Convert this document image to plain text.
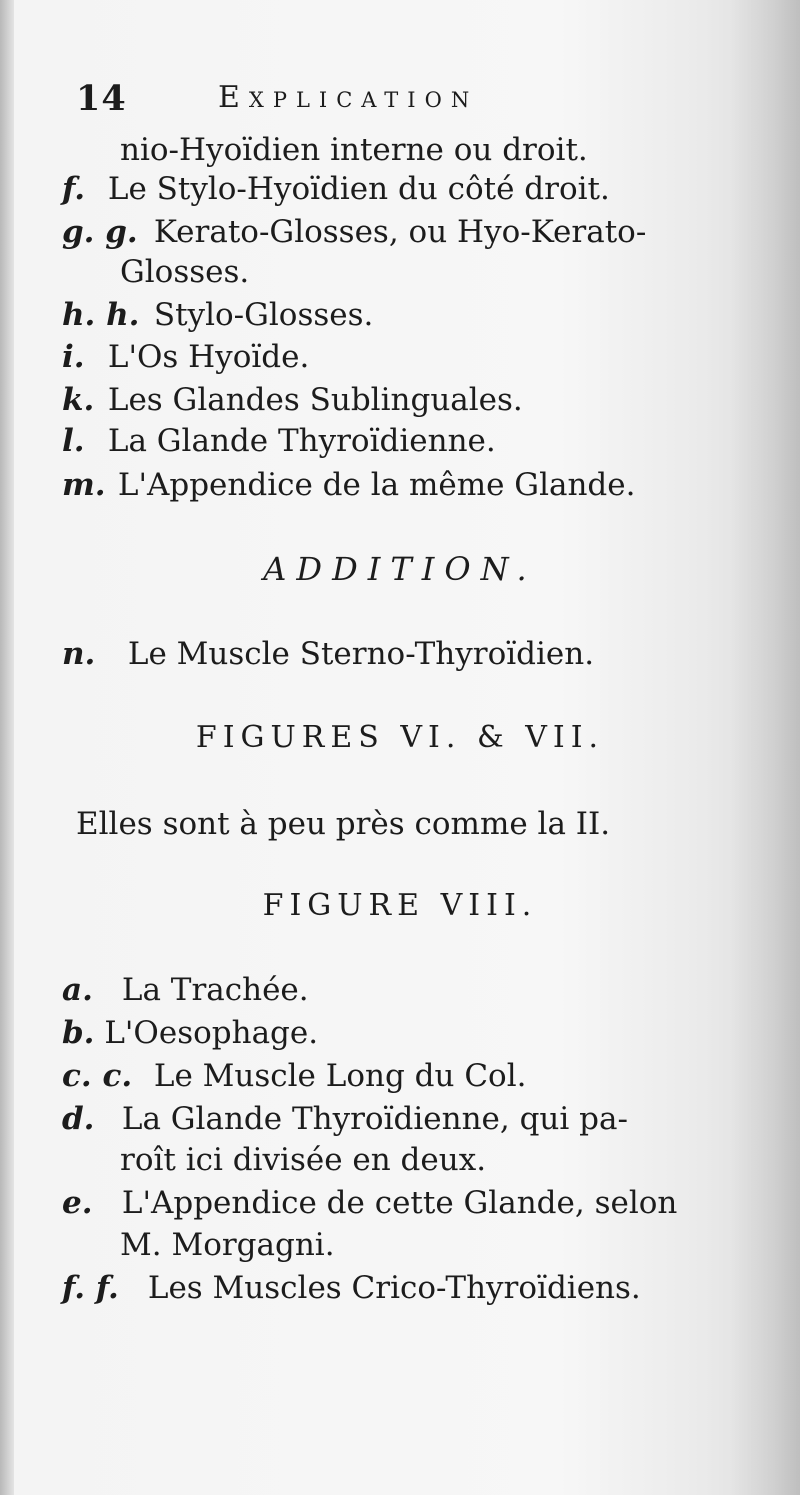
14	Explication
nio-Hyoïdien interne ou droit.
f. Le Stylo-Hyoïdien du côté droit.
g. g. Kerato-Glosses, ou Hyo-Kerato-
Glosses.
h. h. Stylo-Glosses.
i. L'Os Hyoïde.
k. Les Glandes Sublinguales.
l. La Glande Thyroïdienne.
m. L'Appendice de la même Glande.
ADDITION.
n. Le Muscle Sterno-Thyroïdien.
FIGURES VI. & VII.
Elles sont à peu près comme la II.
FIGURE VIII.
a. La Trachée.
b. L'Oesophage.
c. c. Le Muscle Long du Col.
d. La Glande Thyroïdienne, qui pa-
roît ici divisée en deux.
e. L'Appendice de cette Glande, selon
M. Morgagni.
f. f. Les Muscles Crico-Thyroïdiens.
